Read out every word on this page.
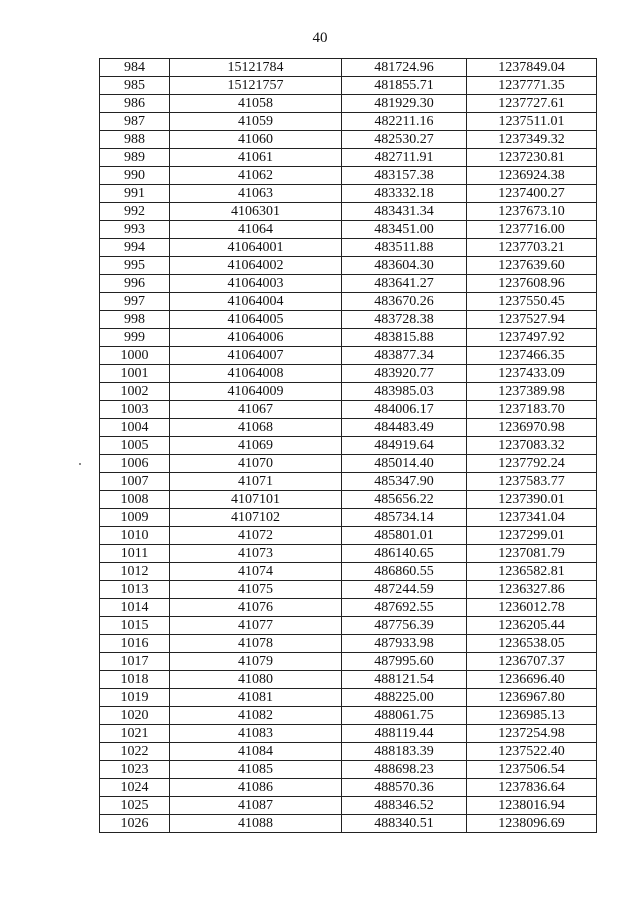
40
984	15121784	481724.96	1237849.04
985	15121757	481855.71	1237771.35
986	41058	481929.30	1237727.61
987	41059	482211.16	1237511.01
988	41060	482530.27	1237349.32
989	41061	482711.91	1237230.81
990	41062	483157.38	1236924.38
991	41063	483332.18	1237400.27
992	4106301	483431.34	1237673.10
993	41064	483451.00	1237716.00
994	41064001	483511.88	1237703.21
995	41064002	483604.30	1237639.60
996	41064003	483641.27	1237608.96
997	41064004	483670.26	1237550.45
998	41064005	483728.38	1237527.94
999	41064006	483815.88	1237497.92
1000	41064007	483877.34	1237466.35
1001	41064008	483920.77	1237433.09
1002	41064009	483985.03	1237389.98
1003	41067	484006.17	1237183.70
1004	41068	484483.49	1236970.98
1005	41069	484919.64	1237083.32
1006	41070	485014.40	1237792.24
1007	41071	485347.90	1237583.77
1008	4107101	485656.22	1237390.01
1009	4107102	485734.14	1237341.04
1010	41072	485801.01	1237299.01
1011	41073	486140.65	1237081.79
1012	41074	486860.55	1236582.81
1013	41075	487244.59	1236327.86
1014	41076	487692.55	1236012.78
1015	41077	487756.39	1236205.44
1016	41078	487933.98	1236538.05
1017	41079	487995.60	1236707.37
1018	41080	488121.54	1236696.40
1019	41081	488225.00	1236967.80
1020	41082	488061.75	1236985.13
1021	41083	488119.44	1237254.98
1022	41084	488183.39	1237522.40
1023	41085	488698.23	1237506.54
1024	41086	488570.36	1237836.64
1025	41087	488346.52	1238016.94
1026	41088	488340.51	1238096.69
